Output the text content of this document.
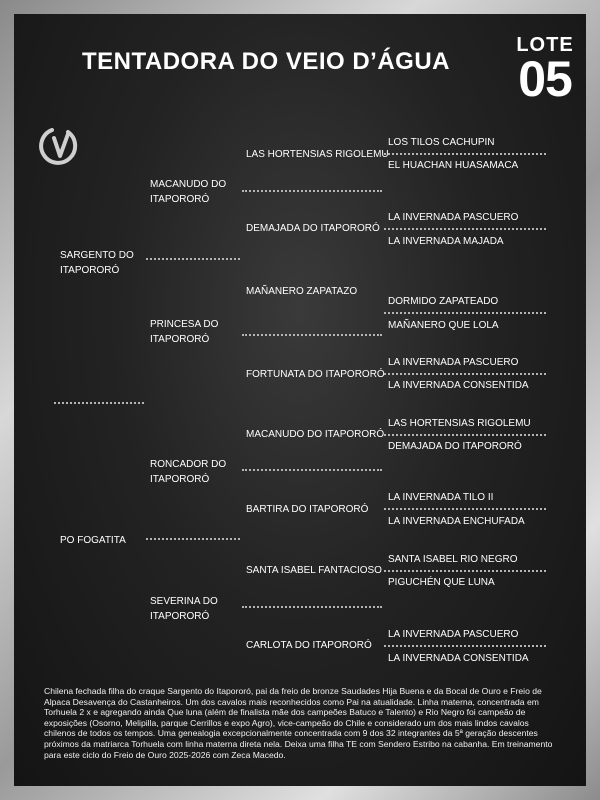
TENTADORA DO VEIO D’ÁGUA
LOTE
05
SARGENTO DO ITAPORORÓ
PO FOGATITA
MACANUDO DO ITAPORORÓ
PRINCESA DO ITAPORORÓ
RONCADOR DO ITAPORORÓ
SEVERINA DO ITAPORORÓ
LAS HORTENSIAS RIGOLEMU
DEMAJADA DO ITAPORORÓ
MAÑANERO ZAPATAZO
FORTUNATA DO ITAPORORÓ
MACANUDO DO ITAPORORÓ
BARTIRA DO ITAPORORÓ
SANTA ISABEL FANTACIOSO
CARLOTA DO ITAPORORÓ
LOS TILOS CACHUPIN
EL HUACHAN HUASAMACA
LA INVERNADA PASCUERO
LA INVERNADA MAJADA
DORMIDO ZAPATEADO
MAÑANERO QUE LOLA
LA INVERNADA PASCUERO
LA INVERNADA CONSENTIDA
LAS HORTENSIAS RIGOLEMU
DEMAJADA DO ITAPORORÓ
LA INVERNADA TILO II
LA INVERNADA ENCHUFADA
SANTA ISABEL RIO NEGRO
PIGUCHÉN QUE LUNA
LA INVERNADA PASCUERO
LA INVERNADA CONSENTIDA
Chilena fechada filha do craque Sargento do Itapororó, pai da freio de bronze Saudades Hija Buena e da Bocal de Ouro e Freio de Alpaca Desavença do Castanheiros. Um dos cavalos mais reconhecidos como Pai na atualidade. Linha materna, concentrada em Torhuela 2 x e agregando ainda Que luna (além de finalista mãe dos campeões Batuco e Talento) e Rio Negro foi campeão de exposições (Osorno, Melipilla, parque Cerrillos e expo Agro), vice-campeão do Chile e considerado um dos mais lindos cavalos chilenos de todos os tempos. Uma genealogia excepcionalmente concentrada com 9 dos 32 integrantes da 5ª geração descentes próximos da matriarca Torhuela com linha materna direta nela. Deixa uma filha TE com Sendero Estribo na cabanha. Em treinamento para este ciclo do Freio de Ouro 2025-2026 com Zeca Macedo.
